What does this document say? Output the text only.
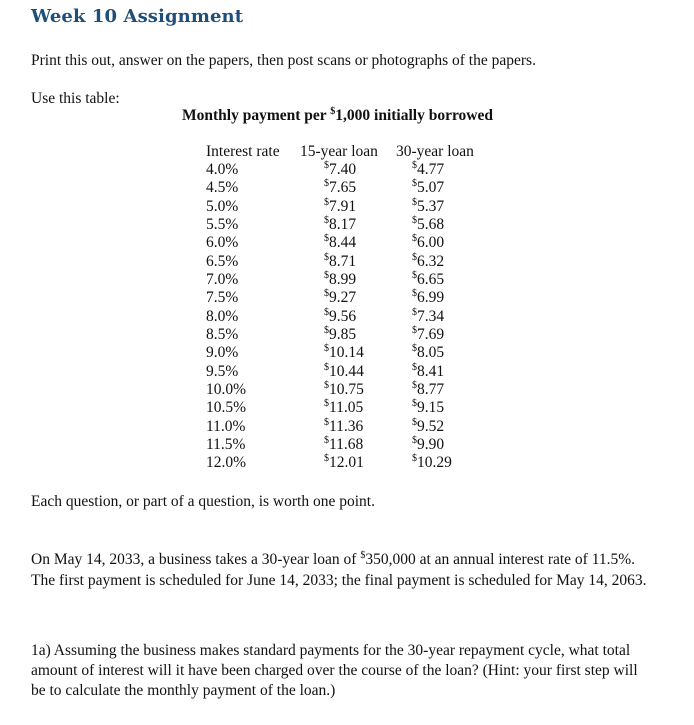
Week 10 Assignment
Print this out, answer on the papers, then post scans or photographs of the papers.
Use this table:
Monthly payment per $1,000 initially borrowed
Interest rate	15-year loan	30-year loan
4.0%	$7.40	$4.77
4.5%	$7.65	$5.07
5.0%	$7.91	$5.37
5.5%	$8.17	$5.68
6.0%	$8.44	$6.00
6.5%	$8.71	$6.32
7.0%	$8.99	$6.65
7.5%	$9.27	$6.99
8.0%	$9.56	$7.34
8.5%	$9.85	$7.69
9.0%	$10.14	$8.05
9.5%	$10.44	$8.41
10.0%	$10.75	$8.77
10.5%	$11.05	$9.15
11.0%	$11.36	$9.52
11.5%	$11.68	$9.90
12.0%	$12.01	$10.29
Each question, or part of a question, is worth one point.
On May 14, 2033, a business takes a 30-year loan of $350,000 at an annual interest rate of 11.5%. The first payment is scheduled for June 14, 2033; the final payment is scheduled for May 14, 2063.
1a) Assuming the business makes standard payments for the 30-year repayment cycle, what total amount of interest will it have been charged over the course of the loan? (Hint: your first step will be to calculate the monthly payment of the loan.)
